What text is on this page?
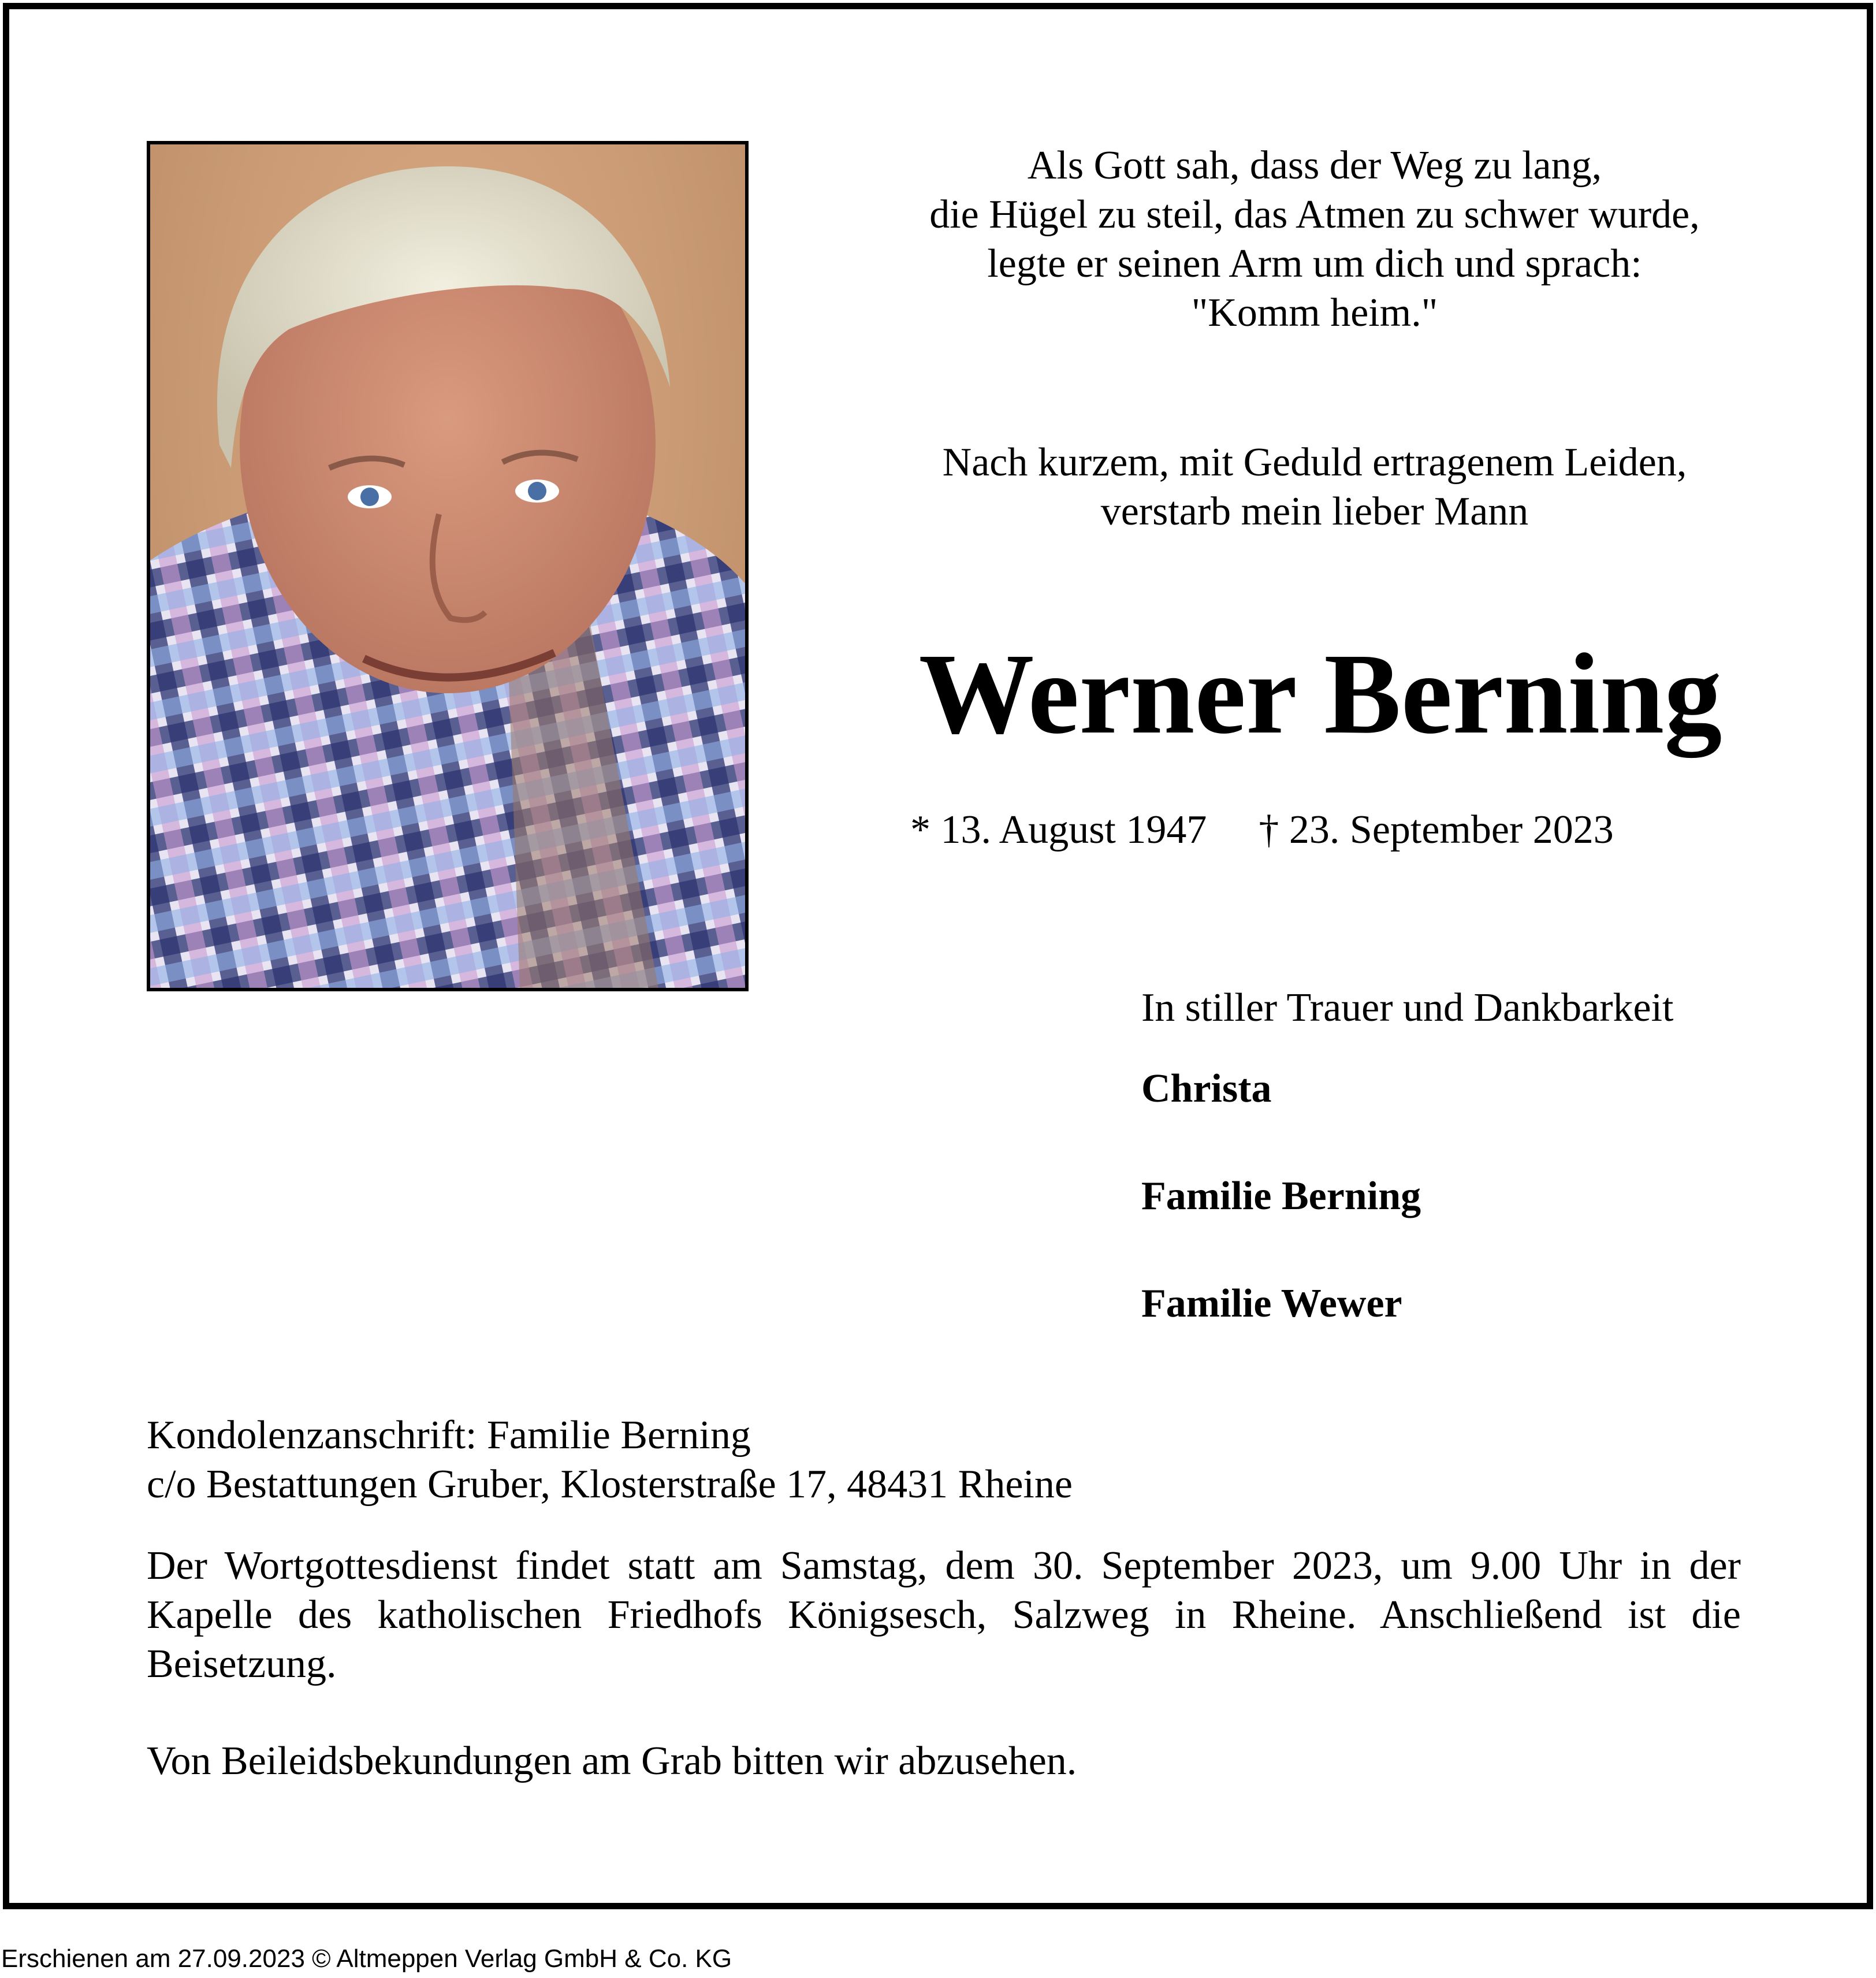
Als Gott sah, dass der Weg zu lang,
die Hügel zu steil, das Atmen zu schwer wurde,
legte er seinen Arm um dich und sprach:
"Komm heim."
Nach kurzem, mit Geduld ertragenem Leiden,
verstarb mein lieber Mann
Werner Berning
* 13. August 1947 † 23. September 2023
In stiller Trauer und Dankbarkeit
Christa
Familie Berning
Familie Wewer
Kondolenzanschrift: Familie Berning
c/o Bestattungen Gruber, Klosterstraße 17, 48431 Rheine
Der Wortgottesdienst findet statt am Samstag, dem 30. September 2023, um 9.00 Uhr in der Kapelle des katholischen Friedhofs Königsesch, Salzweg in Rheine. Anschließend ist die Beisetzung.
Von Beileidsbekundungen am Grab bitten wir abzusehen.
Erschienen am 27.09.2023 © Altmeppen Verlag GmbH & Co. KG
